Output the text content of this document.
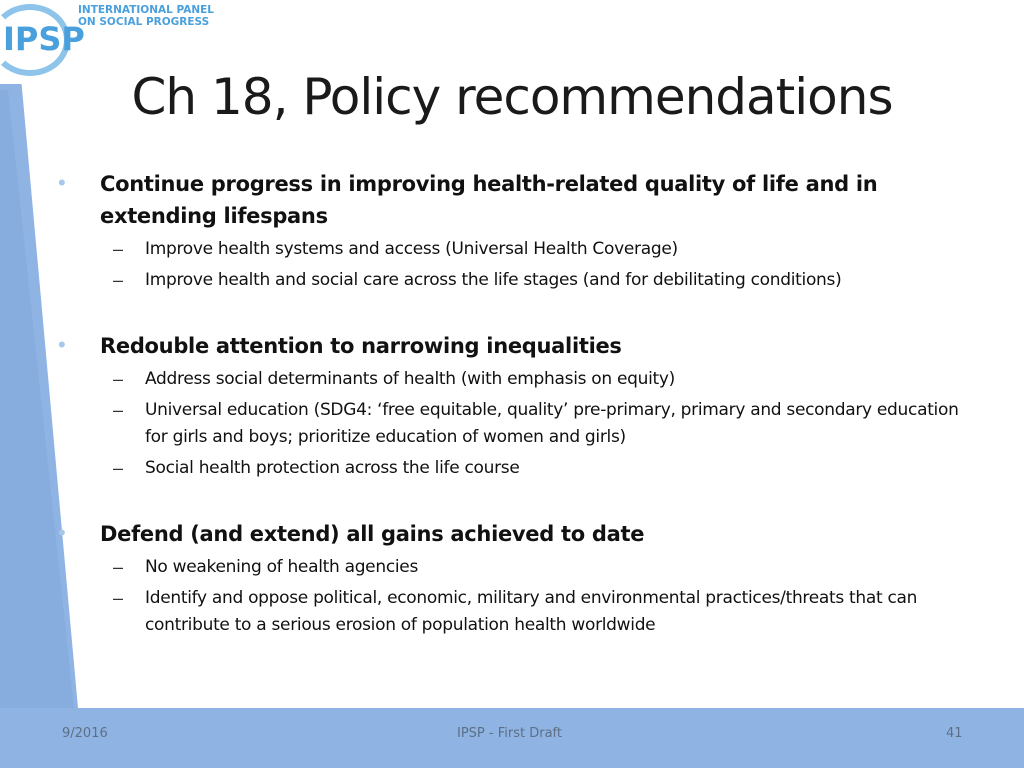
IPSP
INTERNATIONAL PANEL
ON SOCIAL PROGRESS
Ch 18, Policy recommendations
• Continue progress in improving health-related quality of life and in extending lifespans
– Improve health systems and access (Universal Health Coverage)
– Improve health and social care across the life stages (and for debilitating conditions)
• Redouble attention to narrowing inequalities
– Address social determinants of health (with emphasis on equity)
– Universal education (SDG4: ‘free equitable, quality’ pre-primary, primary and secondary education for girls and boys; prioritize education of women and girls)
– Social health protection across the life course
• Defend (and extend) all gains achieved to date
– No weakening of health agencies
– Identify and oppose political, economic, military and environmental practices/threats that can contribute to a serious erosion of population health worldwide
9/2016	IPSP - First Draft	41
